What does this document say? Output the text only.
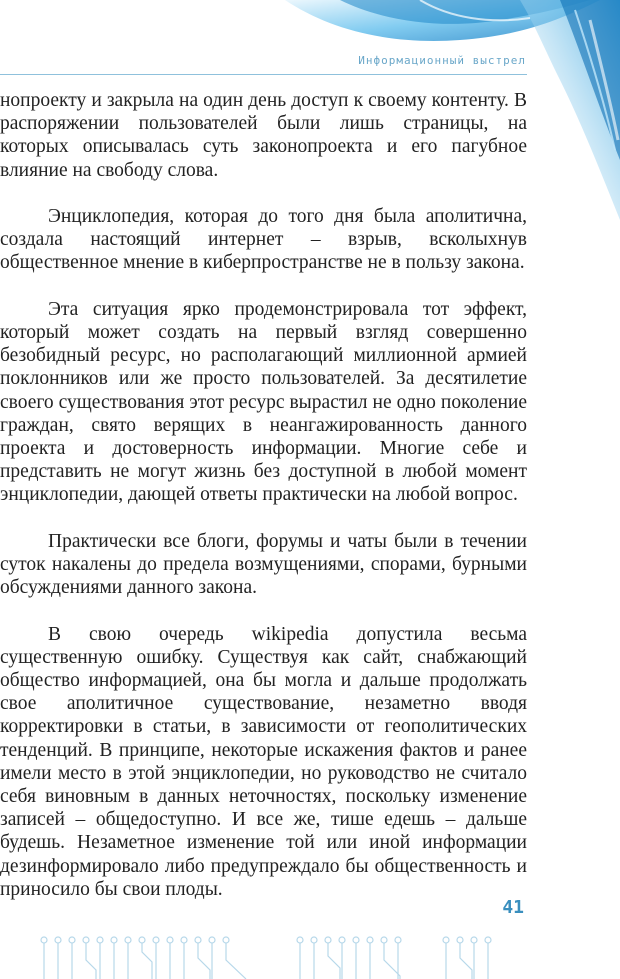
Информационный выстрел

нопроекту и закрыла на один день доступ к своему контенту. В распоряжении пользователей были лишь страницы, на которых описывалась суть законопроекта и его пагубное влияние на свободу слова.

Энциклопедия, которая до того дня была аполитична, создала настоящий интернет – взрыв, всколыхнув общественное мнение в киберпространстве не в пользу закона.

Эта ситуация ярко продемонстрировала тот эффект, который может создать на первый взгляд совершенно безобидный ресурс, но располагающий миллионной армией поклонников или же просто пользователей. За десятилетие своего существования этот ресурс вырастил не одно поколение граждан, свято верящих в неангажированность данного проекта и достоверность информации. Многие себе и представить не могут жизнь без доступной в любой момент энциклопедии, дающей ответы практически на любой вопрос.

Практически все блоги, форумы и чаты были в течении суток накалены до предела возмущениями, спорами, бурными обсуждениями данного закона.

В свою очередь wikipedia допустила весьма существенную ошибку. Существуя как сайт, снабжающий общество информацией, она бы могла и дальше продолжать свое аполитичное существование, незаметно вводя корректировки в статьи, в зависимости от геополитических тенденций. В принципе, некоторые искажения фактов и ранее имели место в этой энциклопедии, но руководство не считало себя виновным в данных неточностях, поскольку изменение записей – общедоступно. И все же, тише едешь – дальше будешь. Незаметное изменение той или иной информации дезинформировало либо предупреждало бы общественность и приносило бы свои плоды.

41
